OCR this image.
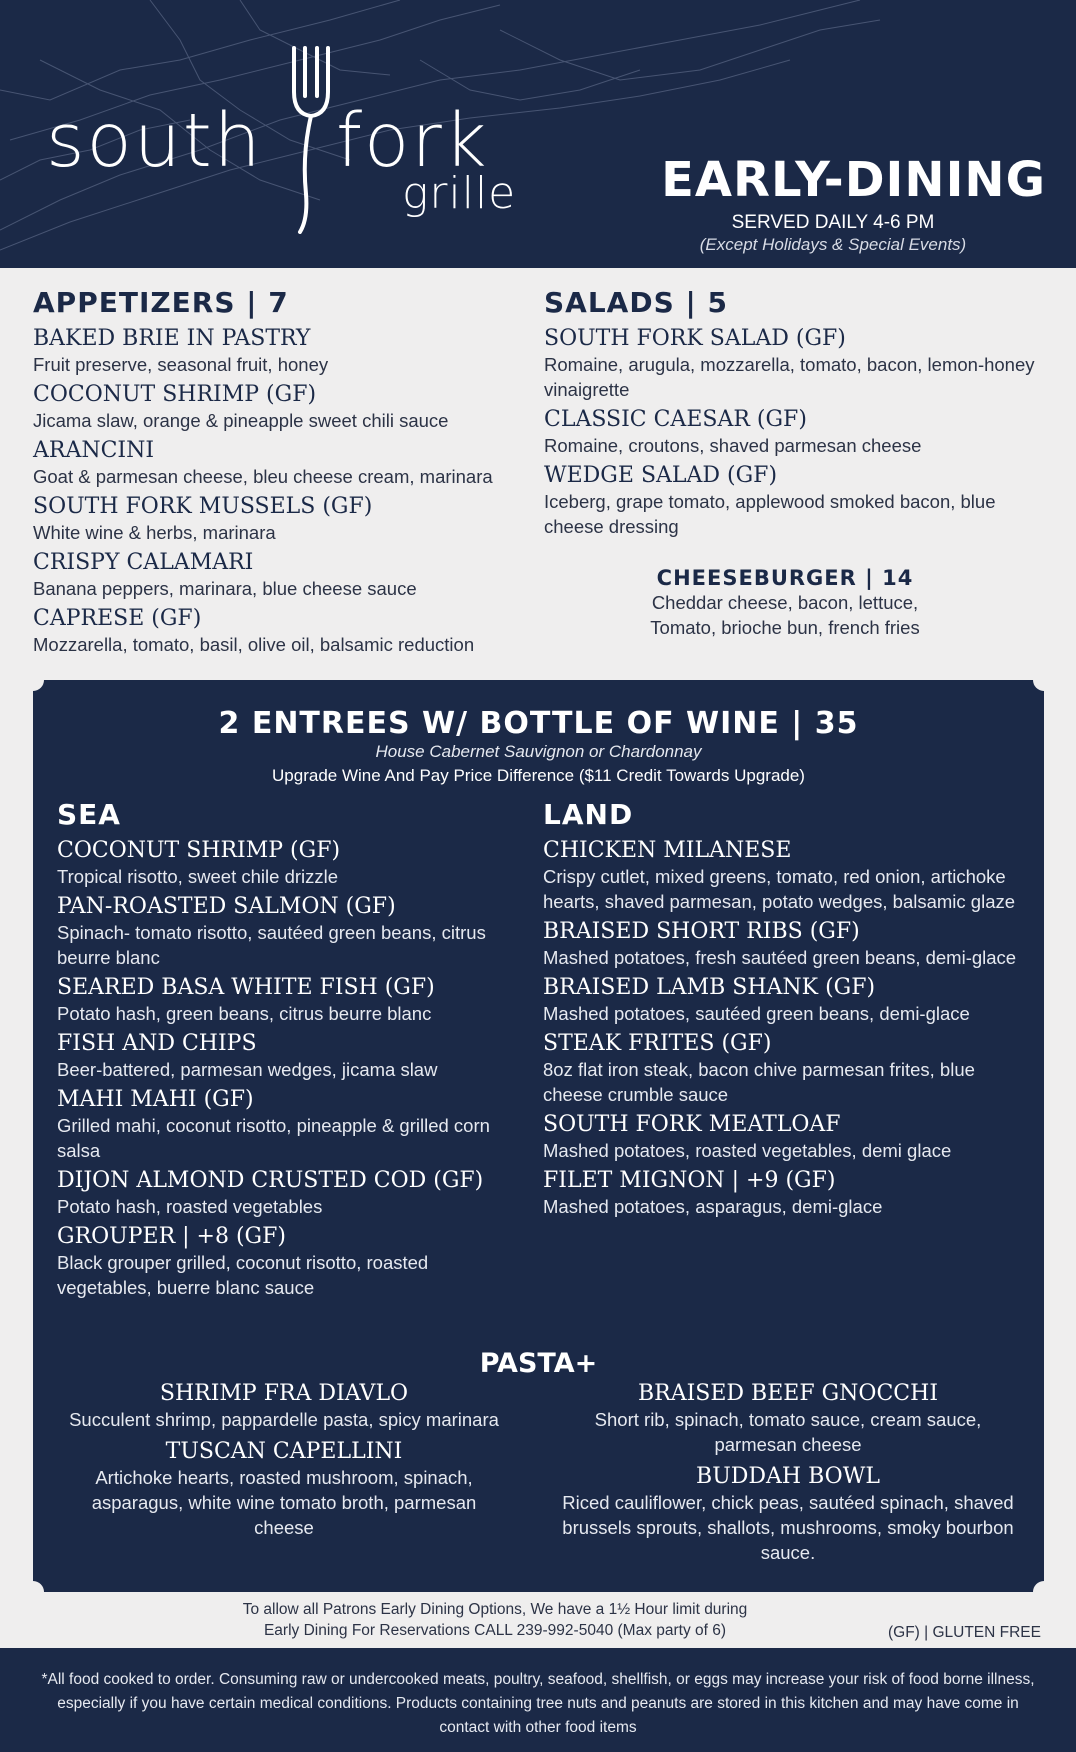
south fork
grille	EARLY-DINING
SERVED DAILY 4-6 PM
(Except Holidays & Special Events)
APPETIZERS | 7
BAKED BRIE IN PASTRY
Fruit preserve, seasonal fruit, honey
COCONUT SHRIMP (GF)
Jicama slaw, orange & pineapple sweet chili sauce
ARANCINI
Goat & parmesan cheese, bleu cheese cream, marinara
SOUTH FORK MUSSELS (GF)
White wine & herbs, marinara
CRISPY CALAMARI
Banana peppers, marinara, blue cheese sauce
CAPRESE (GF)
Mozzarella, tomato, basil, olive oil, balsamic reduction
SALADS | 5
SOUTH FORK SALAD (GF)
Romaine, arugula, mozzarella, tomato, bacon, lemon-honey vinaigrette
CLASSIC CAESAR (GF)
Romaine, croutons, shaved parmesan cheese
WEDGE SALAD (GF)
Iceberg, grape tomato, applewood smoked bacon, blue cheese dressing
CHEESEBURGER | 14
Cheddar cheese, bacon, lettuce,
Tomato, brioche bun, french fries
2 ENTREES W/ BOTTLE OF WINE | 35
House Cabernet Sauvignon or Chardonnay
Upgrade Wine And Pay Price Difference ($11 Credit Towards Upgrade)
SEA
COCONUT SHRIMP (GF)
Tropical risotto, sweet chile drizzle
PAN-ROASTED SALMON (GF)
Spinach- tomato risotto, sautéed green beans, citrus beurre blanc
SEARED BASA WHITE FISH (GF)
Potato hash, green beans, citrus beurre blanc
FISH AND CHIPS
Beer-battered, parmesan wedges, jicama slaw
MAHI MAHI (GF)
Grilled mahi, coconut risotto, pineapple & grilled corn salsa
DIJON ALMOND CRUSTED COD (GF)
Potato hash, roasted vegetables
GROUPER | +8 (GF)
Black grouper grilled, coconut risotto, roasted vegetables, buerre blanc sauce
LAND
CHICKEN MILANESE
Crispy cutlet, mixed greens, tomato, red onion, artichoke hearts, shaved parmesan, potato wedges, balsamic glaze
BRAISED SHORT RIBS (GF)
Mashed potatoes, fresh sautéed green beans, demi-glace
BRAISED LAMB SHANK (GF)
Mashed potatoes, sautéed green beans, demi-glace
STEAK FRITES (GF)
8oz flat iron steak, bacon chive parmesan frites, blue cheese crumble sauce
SOUTH FORK MEATLOAF
Mashed potatoes, roasted vegetables, demi glace
FILET MIGNON | +9 (GF)
Mashed potatoes, asparagus, demi-glace
PASTA+
SHRIMP FRA DIAVLO
Succulent shrimp, pappardelle pasta, spicy marinara
TUSCAN CAPELLINI
Artichoke hearts, roasted mushroom, spinach, asparagus, white wine tomato broth, parmesan cheese
BRAISED BEEF GNOCCHI
Short rib, spinach, tomato sauce, cream sauce, parmesan cheese
BUDDAH BOWL
Riced cauliflower, chick peas, sautéed spinach, shaved brussels sprouts, shallots, mushrooms, smoky bourbon sauce.
To allow all Patrons Early Dining Options, We have a 1½ Hour limit during
Early Dining For Reservations CALL 239-992-5040 (Max party of 6)	(GF) | GLUTEN FREE
*All food cooked to order. Consuming raw or undercooked meats, poultry, seafood, shellfish, or eggs may increase your risk of food borne illness, especially if you have certain medical conditions. Products containing tree nuts and peanuts are stored in this kitchen and may have come in contact with other food items
